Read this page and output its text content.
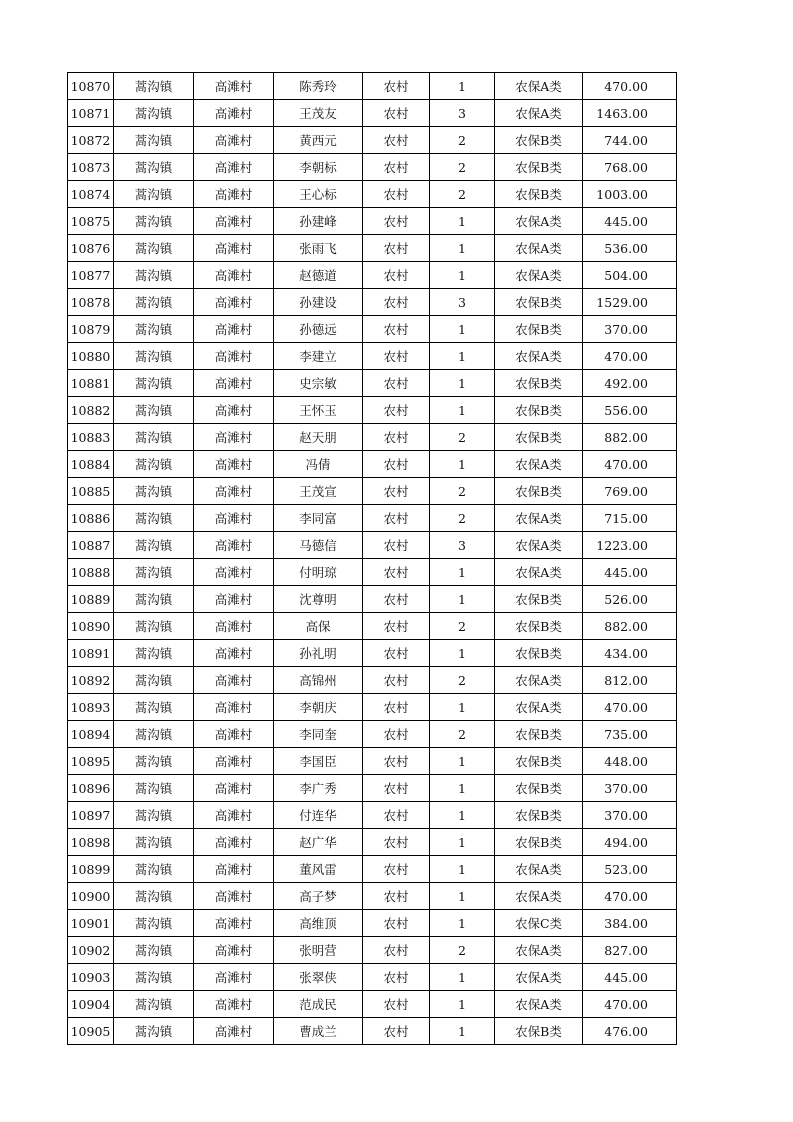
10870	蒿沟镇	高滩村	陈秀玲	农村	1	农保A类	470.00
10871	蒿沟镇	高滩村	王茂友	农村	3	农保A类	1463.00
10872	蒿沟镇	高滩村	黄西元	农村	2	农保B类	744.00
10873	蒿沟镇	高滩村	李朝标	农村	2	农保B类	768.00
10874	蒿沟镇	高滩村	王心标	农村	2	农保B类	1003.00
10875	蒿沟镇	高滩村	孙建峰	农村	1	农保A类	445.00
10876	蒿沟镇	高滩村	张雨飞	农村	1	农保A类	536.00
10877	蒿沟镇	高滩村	赵德道	农村	1	农保A类	504.00
10878	蒿沟镇	高滩村	孙建设	农村	3	农保B类	1529.00
10879	蒿沟镇	高滩村	孙德远	农村	1	农保B类	370.00
10880	蒿沟镇	高滩村	李建立	农村	1	农保A类	470.00
10881	蒿沟镇	高滩村	史宗敏	农村	1	农保B类	492.00
10882	蒿沟镇	高滩村	王怀玉	农村	1	农保B类	556.00
10883	蒿沟镇	高滩村	赵天朋	农村	2	农保B类	882.00
10884	蒿沟镇	高滩村	冯倩	农村	1	农保A类	470.00
10885	蒿沟镇	高滩村	王茂宣	农村	2	农保B类	769.00
10886	蒿沟镇	高滩村	李同富	农村	2	农保A类	715.00
10887	蒿沟镇	高滩村	马德信	农村	3	农保A类	1223.00
10888	蒿沟镇	高滩村	付明琼	农村	1	农保A类	445.00
10889	蒿沟镇	高滩村	沈尊明	农村	1	农保B类	526.00
10890	蒿沟镇	高滩村	高保	农村	2	农保B类	882.00
10891	蒿沟镇	高滩村	孙礼明	农村	1	农保B类	434.00
10892	蒿沟镇	高滩村	高锦州	农村	2	农保A类	812.00
10893	蒿沟镇	高滩村	李朝庆	农村	1	农保A类	470.00
10894	蒿沟镇	高滩村	李同奎	农村	2	农保B类	735.00
10895	蒿沟镇	高滩村	李国臣	农村	1	农保B类	448.00
10896	蒿沟镇	高滩村	李广秀	农村	1	农保B类	370.00
10897	蒿沟镇	高滩村	付连华	农村	1	农保B类	370.00
10898	蒿沟镇	高滩村	赵广华	农村	1	农保B类	494.00
10899	蒿沟镇	高滩村	董风雷	农村	1	农保A类	523.00
10900	蒿沟镇	高滩村	高子梦	农村	1	农保A类	470.00
10901	蒿沟镇	高滩村	高维顶	农村	1	农保C类	384.00
10902	蒿沟镇	高滩村	张明营	农村	2	农保A类	827.00
10903	蒿沟镇	高滩村	张翠侠	农村	1	农保A类	445.00
10904	蒿沟镇	高滩村	范成民	农村	1	农保A类	470.00
10905	蒿沟镇	高滩村	曹成兰	农村	1	农保B类	476.00
